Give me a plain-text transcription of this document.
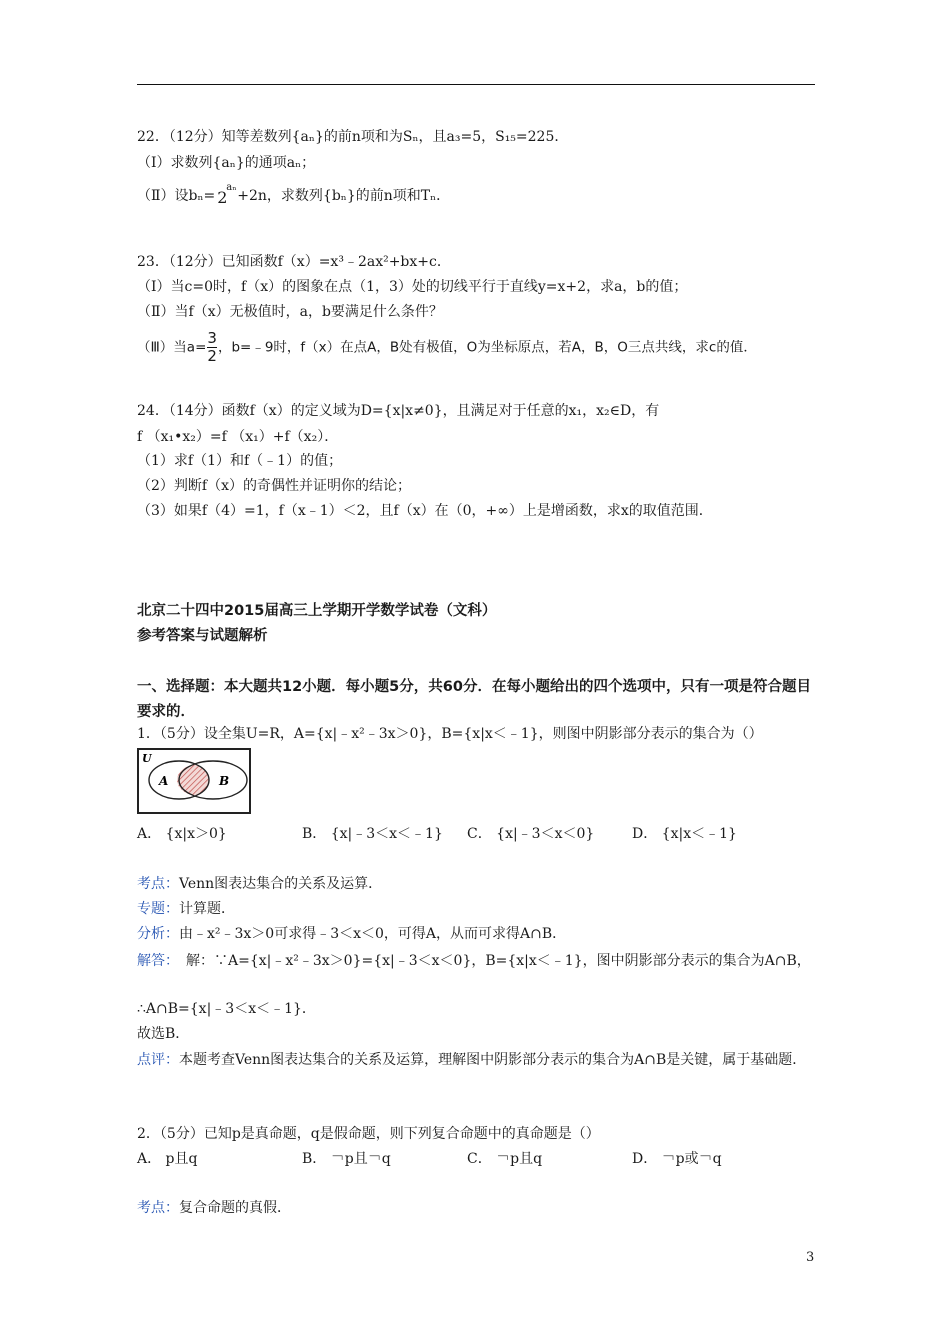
22．（12分）知等差数列{aₙ}的前n项和为Sₙ，且a₃=5，S₁₅=225．
（Ⅰ）求数列{aₙ}的通项aₙ；
（Ⅱ）设bₙ= 2
aₙ
+2n，求数列{bₙ}的前n项和Tₙ．
23．（12分）已知函数f（x）=x³﹣2ax²+bx+c．
（Ⅰ）当c=0时，f（x）的图象在点（1，3）处的切线平行于直线y=x+2，求a，b的值；
（Ⅱ）当f（x）无极值时，a，b要满足什么条件？
（Ⅲ）当$a= \frac{3}{2}$ ，b=﹣9时，f（x）在点A，B处有极值，O为坐标原点，若A，B，O三点共线，求c的值．
24．（14分）函数f（x）的定义域为D={x|x≠0}，且满足对于任意的x₁，x₂∈D，有
f （x₁•x₂）=f （x₁）+f（x₂）．
（1）求f（1）和f（﹣1）的值；
（2）判断f（x）的奇偶性并证明你的结论；
（3）如果f（4）=1，f（x﹣1）＜2，且f（x）在（0，+∞）上是增函数，求x的取值范围．
北京二十四中2015届高三上学期开学数学试卷（文科）
参考答案与试题解析
一、选择题：本大题共12小题．每小题5分，共60分．在每小题给出的四个选项中，只有一项是符合题目要求的．
1．（5分）设全集U=R，A={x|﹣x²﹣3x＞0}，B={x|x＜﹣1}，则图中阴影部分表示的集合为（）
U
A	B
A． {x|x＞0}	B． {x|﹣3＜x＜﹣1} C． {x|﹣3＜x＜0}	D． {x|x＜﹣1}
考点：Venn图表达集合的关系及运算．
专题：计算题．
分析：由﹣x²﹣3x＞0可求得﹣3＜x＜0，可得A，从而可求得A∩B．
解答：　解：∵A={x|﹣x²﹣3x＞0}={x|﹣3＜x＜0}，B={x|x＜﹣1}，图中阴影部分表示的集合为A∩B，
∴A∩B={x|﹣3＜x＜﹣1}．
故选B．
点评：本题考查Venn图表达集合的关系及运算，理解图中阴影部分表示的集合为A∩B是关键，属于基础题．
2．（5分）已知p是真命题，q是假命题，则下列复合命题中的真命题是（）
A． p且q	B． ￢p且￢q	C． ￢p且q	D． ￢p或￢q
考点：复合命题的真假．
3
